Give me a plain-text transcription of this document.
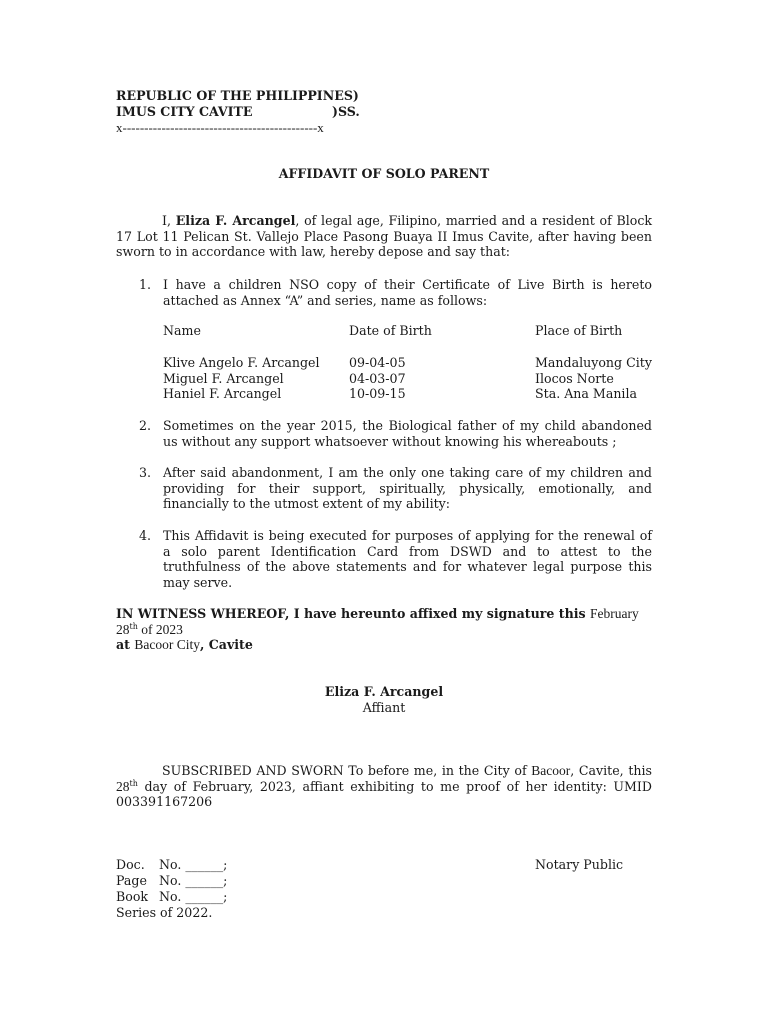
REPUBLIC OF THE PHILIPPINES)
IMUS CITY CAVITE	)SS.
x---------------------------------------------x
AFFIDAVIT OF SOLO PARENT
I, Eliza F. Arcangel, of legal age, Filipino, married and a resident of Block 17 Lot 11 Pelican St. Vallejo Place Pasong Buaya II Imus Cavite, after having been sworn to in accordance with law, hereby depose and say that:
1. I have a children NSO copy of their Certificate of Live Birth is hereto attached as Annex “A” and series, name as follows:
Name	Date of Birth	Place of Birth
Klive Angelo F. Arcangel 09-04-05	Mandaluyong City
Miguel F. Arcangel	04-03-07	Ilocos Norte
Haniel F. Arcangel	10-09-15	Sta. Ana Manila
2. Sometimes on the year 2015, the Biological father of my child abandoned us without any support whatsoever without knowing his whereabouts ;
3. After said abandonment, I am the only one taking care of my children and providing for their support, spiritually, physically, emotionally, and financially to the utmost extent of my ability:
4. This Affidavit is being executed for purposes of applying for the renewal of a solo parent Identification Card from DSWD and to attest to the truthfulness of the above statements and for whatever legal purpose this may serve.
IN WITNESS WHEREOF, I have hereunto affixed my signature this February 28th of 2023
at Bacoor City, Cavite
Eliza F. Arcangel
Affiant
SUBSCRIBED AND SWORN To before me, in the City of Bacoor, Cavite, this 28th day of February, 2023, affiant exhibiting to me proof of her identity: UMID 003391167206
Doc. No. ______;
Page No. ______;
Book No. ______;
Series of 2022.
Notary Public
